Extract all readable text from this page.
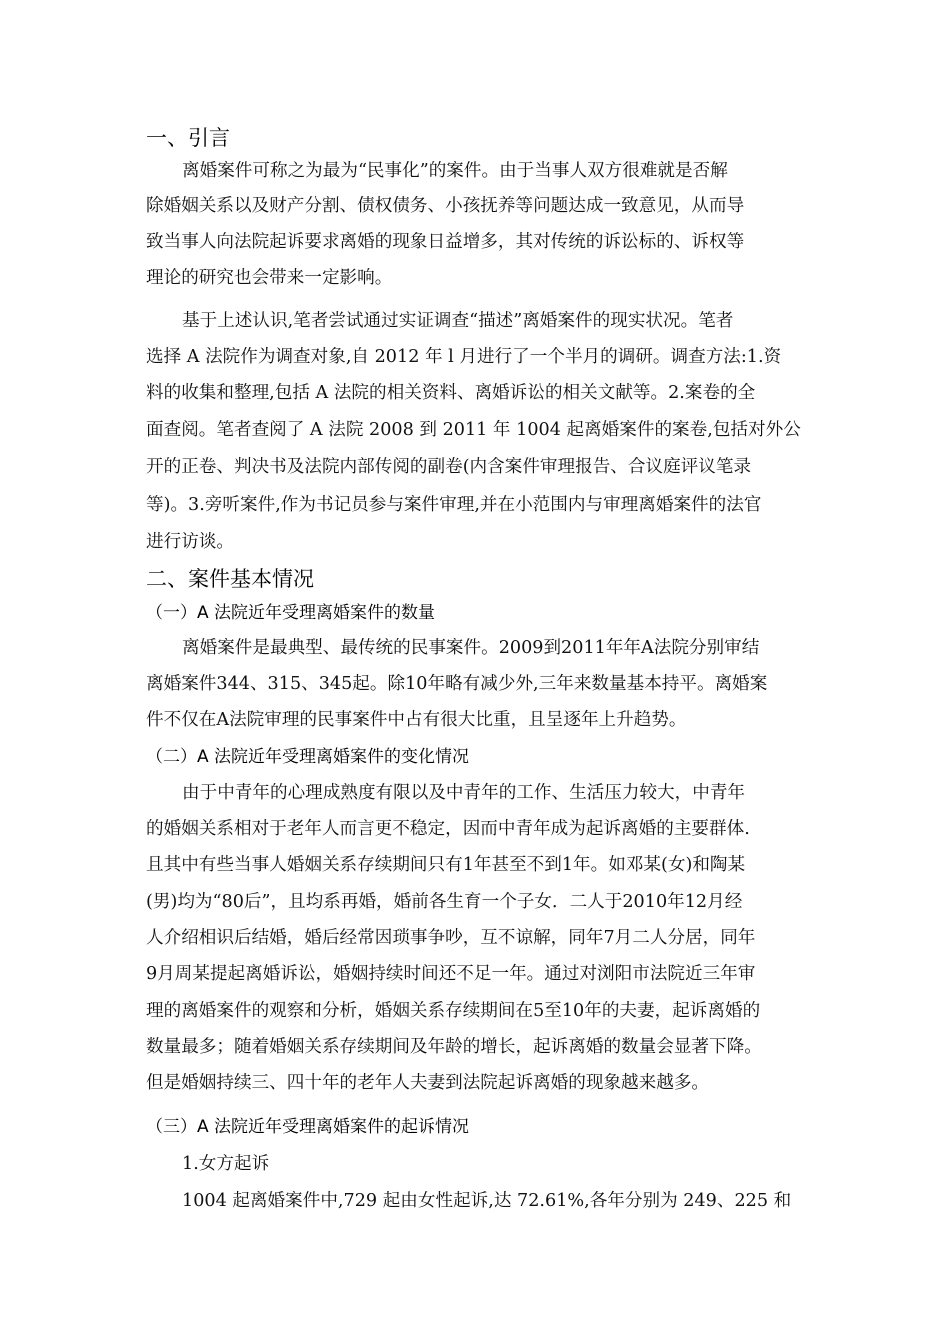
一、引言
离婚案件可称之为最为“民事化”的案件。由于当事人双方很难就是否解
除婚姻关系以及财产分割、债权债务、小孩抚养等问题达成一致意见，从而导
致当事人向法院起诉要求离婚的现象日益增多，其对传统的诉讼标的、诉权等
理论的研究也会带来一定影响。
基于上述认识,笔者尝试通过实证调查“描述”离婚案件的现实状况。笔者
选择 A 法院作为调查对象,自 2012 年 l 月进行了一个半月的调研。调查方法:1.资
料的收集和整理,包括 A 法院的相关资料、离婚诉讼的相关文献等。2.案卷的全
面查阅。笔者查阅了 A 法院 2008 到 2011 年 1004 起离婚案件的案卷,包括对外公
开的正卷、判决书及法院内部传阅的副卷(内含案件审理报告、合议庭评议笔录
等)。3.旁听案件,作为书记员参与案件审理,并在小范围内与审理离婚案件的法官
进行访谈。
二、案件基本情况
（一）A 法院近年受理离婚案件的数量
离婚案件是最典型、最传统的民事案件。2009到2011年年A法院分别审结
离婚案件344、315、345起。除10年略有减少外,三年来数量基本持平。离婚案
件不仅在A法院审理的民事案件中占有很大比重，且呈逐年上升趋势。
（二）A 法院近年受理离婚案件的变化情况
由于中青年的心理成熟度有限以及中青年的工作、生活压力较大，中青年
的婚姻关系相对于老年人而言更不稳定，因而中青年成为起诉离婚的主要群体.
且其中有些当事人婚姻关系存续期间只有1年甚至不到1年。如邓某(女)和陶某
(男)均为“80后”，且均系再婚，婚前各生育一个子女．二人于2010年12月经
人介绍相识后结婚，婚后经常因琐事争吵，互不谅解，同年7月二人分居，同年
9月周某提起离婚诉讼，婚姻持续时间还不足一年。通过对浏阳市法院近三年审
理的离婚案件的观察和分析，婚姻关系存续期间在5至10年的夫妻，起诉离婚的
数量最多；随着婚姻关系存续期间及年龄的增长，起诉离婚的数量会显著下降。
但是婚姻持续三、四十年的老年人夫妻到法院起诉离婚的现象越来越多。
（三）A 法院近年受理离婚案件的起诉情况
1.女方起诉
1004 起离婚案件中,729 起由女性起诉,达 72.61%,各年分别为 249、225 和
